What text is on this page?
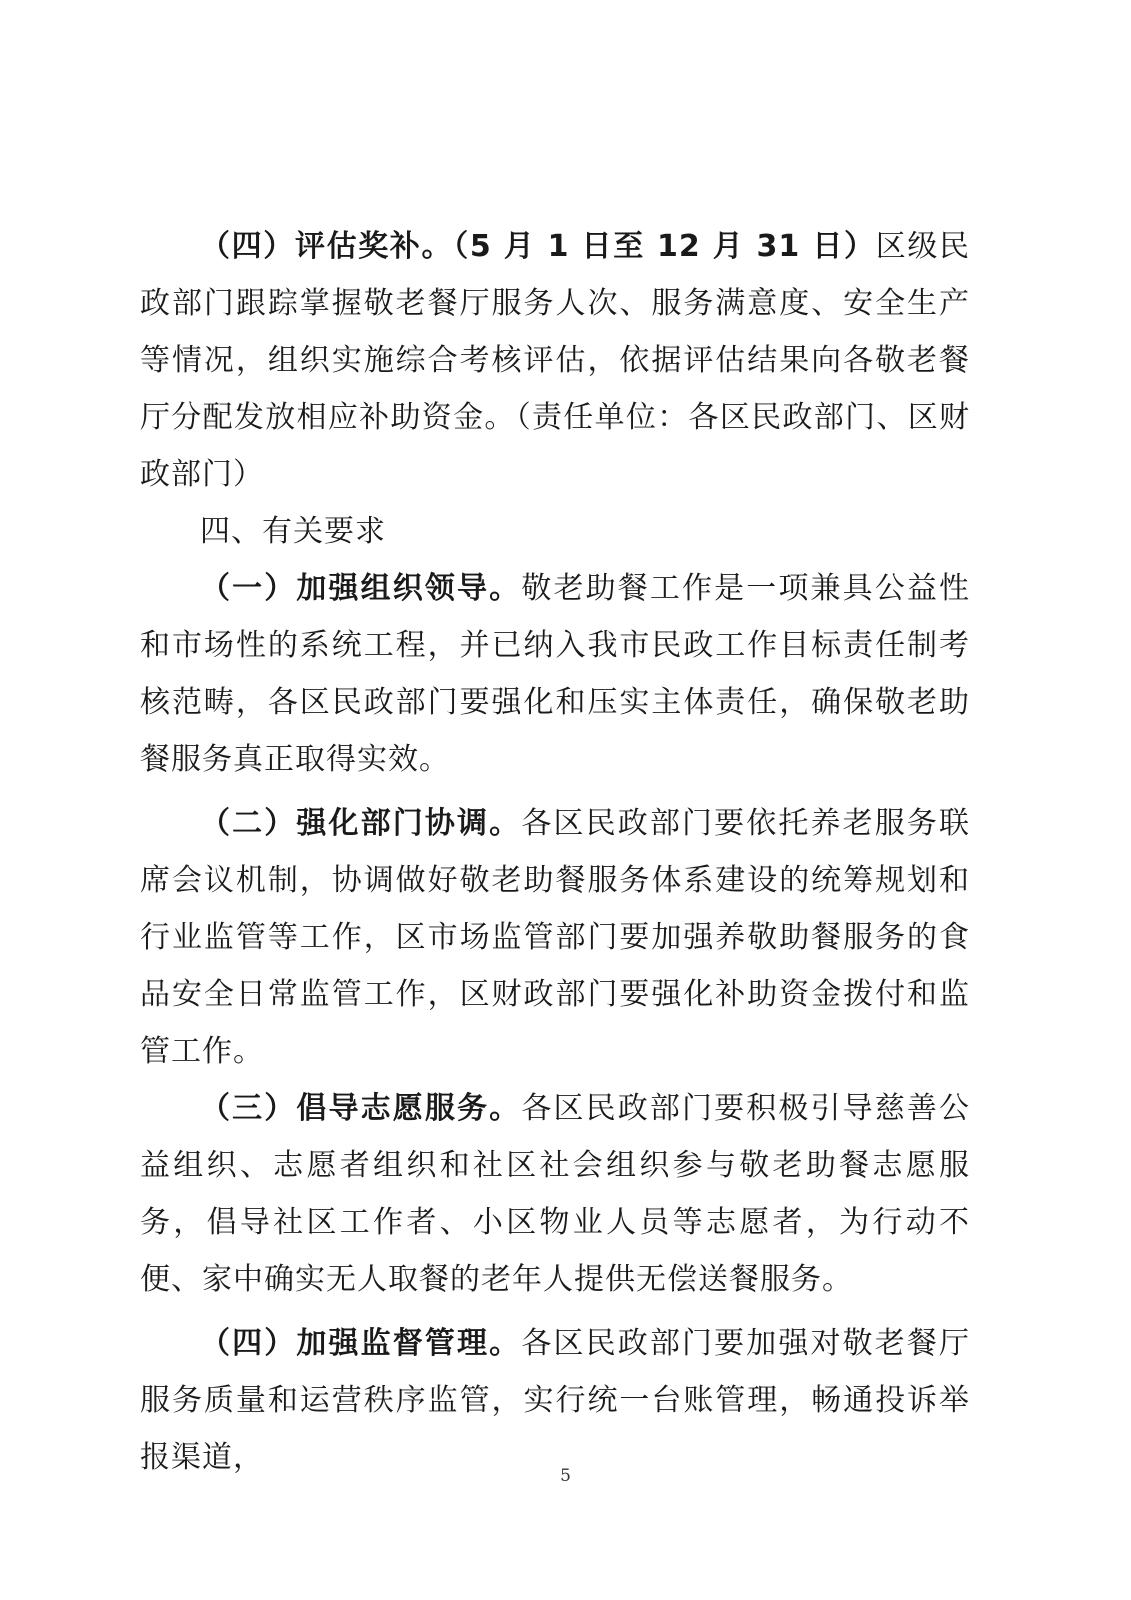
（四）评估奖补。（5 月 1 日至 12 月 31 日）区级民政部门跟踪掌握敬老餐厅服务人次、服务满意度、安全生产等情况，组织实施综合考核评估，依据评估结果向各敬老餐厅分配发放相应补助资金。（责任单位：各区民政部门、区财政部门）

四、有关要求

（一）加强组织领导。敬老助餐工作是一项兼具公益性和市场性的系统工程，并已纳入我市民政工作目标责任制考核范畴，各区民政部门要强化和压实主体责任，确保敬老助餐服务真正取得实效。

（二）强化部门协调。各区民政部门要依托养老服务联席会议机制，协调做好敬老助餐服务体系建设的统筹规划和行业监管等工作，区市场监管部门要加强养敬助餐服务的食品安全日常监管工作，区财政部门要强化补助资金拨付和监管工作。

（三）倡导志愿服务。各区民政部门要积极引导慈善公益组织、志愿者组织和社区社会组织参与敬老助餐志愿服务，倡导社区工作者、小区物业人员等志愿者，为行动不便、家中确实无人取餐的老年人提供无偿送餐服务。

（四）加强监督管理。各区民政部门要加强对敬老餐厅服务质量和运营秩序监管，实行统一台账管理，畅通投诉举报渠道，

5
